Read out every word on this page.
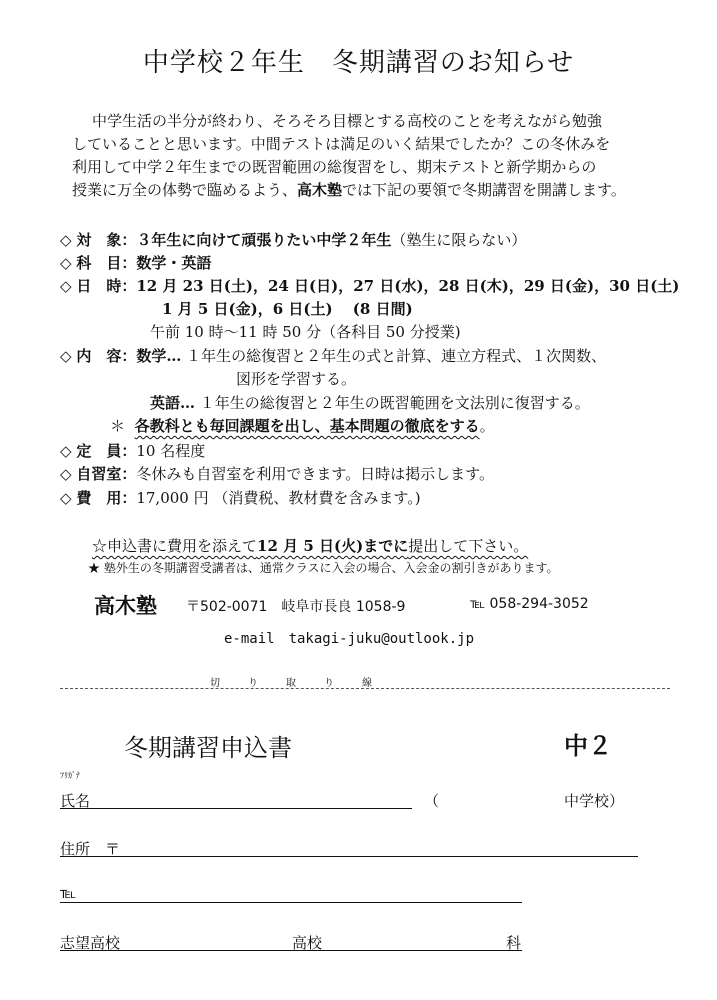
中学校２年生　冬期講習のお知らせ
中学生活の半分が終わり、そろそろ目標とする高校のことを考えながら勉強
していることと思います。中間テストは満足のいく結果でしたか？この冬休みを
利用して中学２年生までの既習範囲の総復習をし、期末テストと新学期からの
授業に万全の体勢で臨めるよう、高木塾では下記の要領で冬期講習を開講します。
◇ 対　象：３年生に向けて頑張りたい中学２年生（塾生に限らない）
◇ 科　目：数学・英語
◇ 日　時：12 月 23 日(土)，24 日(日)，27 日(水)，28 日(木)，29 日(金)，30 日(土)
1 月 5 日(金)，6 日(土)　 (8 日間)
午前 10 時～11 時 50 分（各科目 50 分授業)
◇ 内　容：数学… １年生の総復習と２年生の式と計算、連立方程式、１次関数、
図形を学習する。
英語… １年生の総復習と２年生の既習範囲を文法別に復習する。
＊ 各教科とも毎回課題を出し、基本問題の徹底をする。
◇ 定　員：10 名程度
◇ 自習室：冬休みも自習室を利用できます。日時は掲示します。
◇ 費　用：17,000 円 （消費税、教材費を含みます。)
☆申込書に費用を添えて12 月 5 日(火)までに提出して下さい。
★ 塾外生の冬期講習受講者は、通常クラスに入会の場合、入会金の割引きがあります。
高木塾 〒502-0071　岐阜市長良 1058-9	℡ 058-294-3052
e-mail　takagi-juku@outlook.jp
切り取り線
冬期講習申込書	中２
ﾌﾘｶﾞﾅ
氏名	（	中学校）
住所　〒
℡
志望高校	高校	科
